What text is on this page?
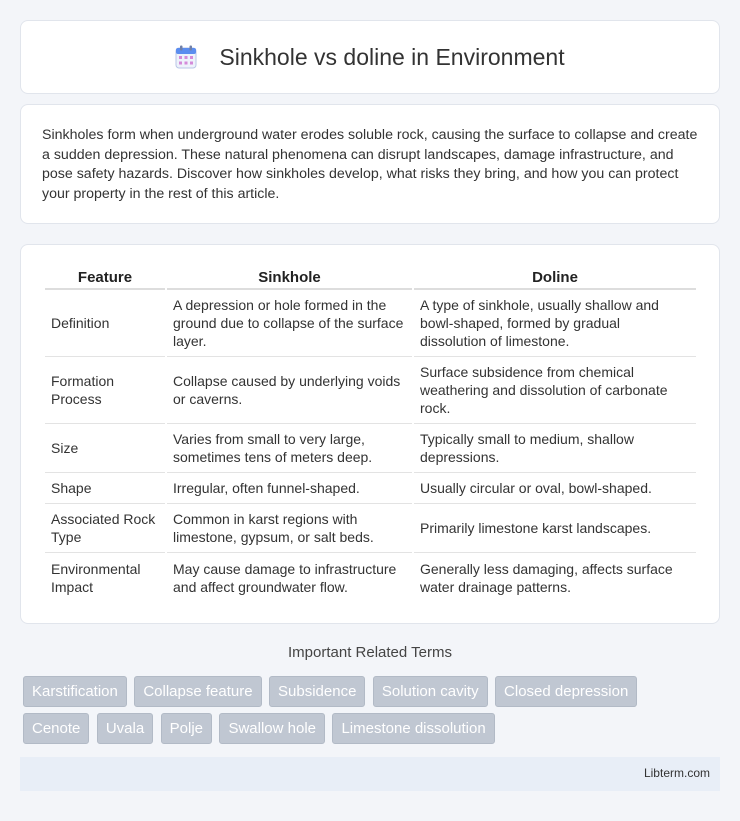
Sinkhole vs doline in Environment

Sinkholes form when underground water erodes soluble rock, causing the surface to collapse and create a sudden depression. These natural phenomena can disrupt landscapes, damage infrastructure, and pose safety hazards. Discover how sinkholes develop, what risks they bring, and how you can protect your property in the rest of this article.

Feature	Sinkhole	Doline
Definition	A depression or hole formed in the ground due to collapse of the surface layer.	A type of sinkhole, usually shallow and bowl-shaped, formed by gradual dissolution of limestone.
Formation Process	Collapse caused by underlying voids or caverns.	Surface subsidence from chemical weathering and dissolution of carbonate rock.
Size	Varies from small to very large, sometimes tens of meters deep.	Typically small to medium, shallow depressions.
Shape	Irregular, often funnel-shaped.	Usually circular or oval, bowl-shaped.
Associated Rock Type	Common in karst regions with limestone, gypsum, or salt beds.	Primarily limestone karst landscapes.
Environmental Impact	May cause damage to infrastructure and affect groundwater flow.	Generally less damaging, affects surface water drainage patterns.
Important Related Terms
Karstification Collapse feature Subsidence Solution cavity Closed depression
Cenote Uvala Polje Swallow hole Limestone dissolution
Libterm.com
